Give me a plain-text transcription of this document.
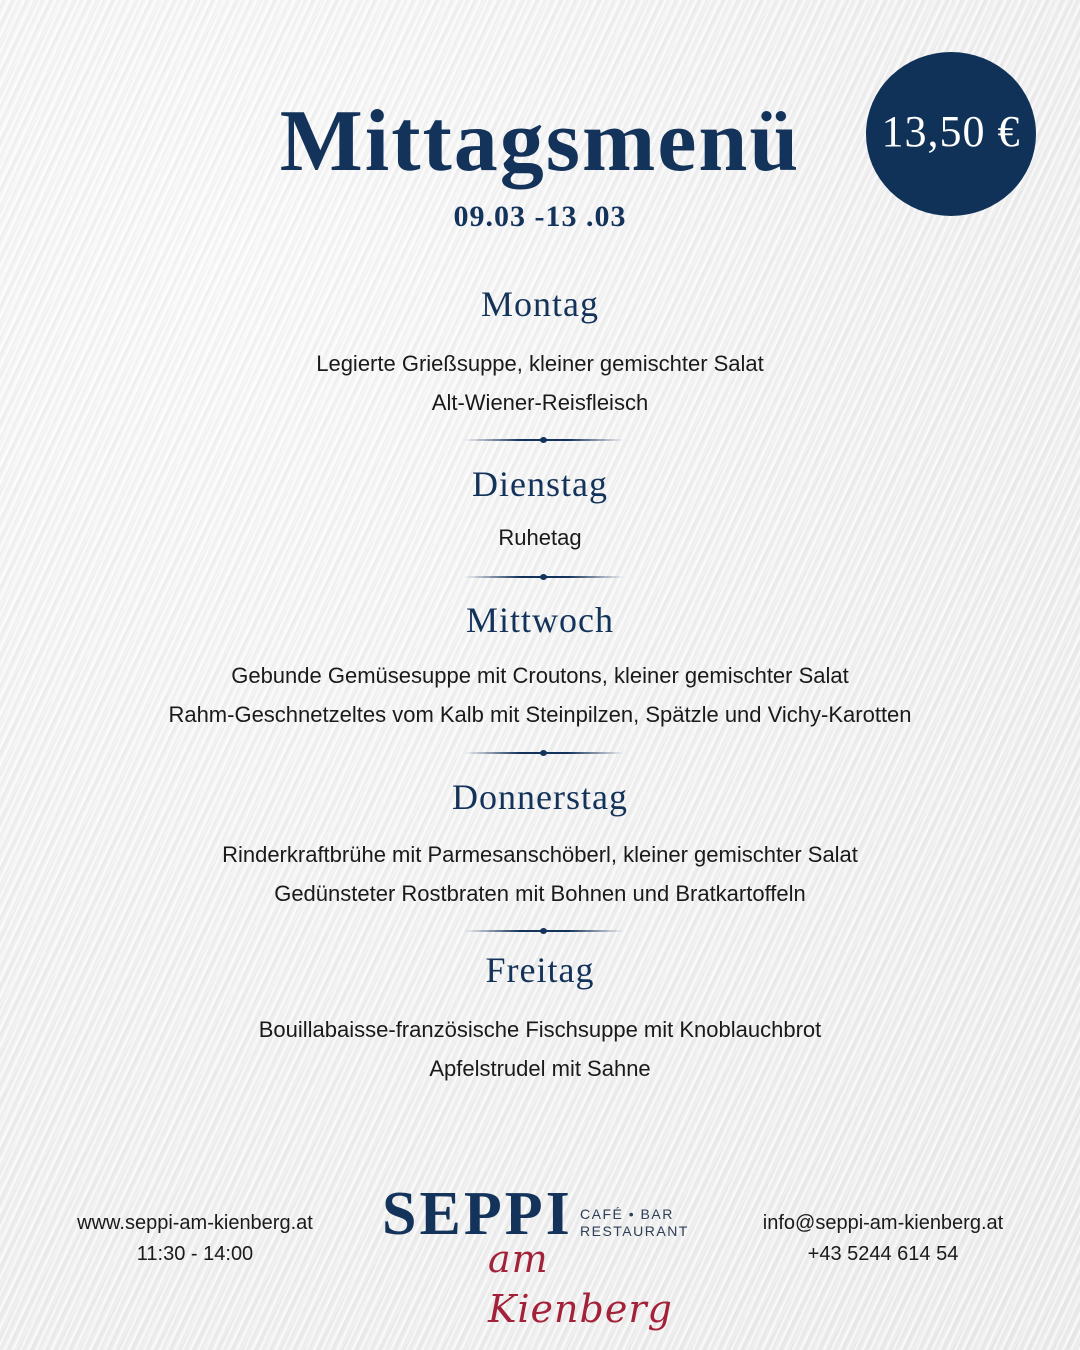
Mittagsmenü
09.03 -13 .03
13,50 €
Montag
Legierte Grießsuppe, kleiner gemischter Salat
Alt-Wiener-Reisfleisch
Dienstag
Ruhetag
Mittwoch
Gebunde Gemüsesuppe mit Croutons, kleiner gemischter Salat
Rahm-Geschnetzeltes vom Kalb mit Steinpilzen, Spätzle und Vichy-Karotten
Donnerstag
Rinderkraftbrühe mit Parmesanschöberl, kleiner gemischter Salat
Gedünsteter Rostbraten mit Bohnen und Bratkartoffeln
Freitag
Bouillabaisse-französische Fischsuppe mit Knoblauchbrot
Apfelstrudel mit Sahne
www.seppi-am-kienberg.at
11:30 - 14:00
SEPPI CAFÉ • BAR
RESTAURANT
am Kienberg
info@seppi-am-kienberg.at
+43 5244 614 54
